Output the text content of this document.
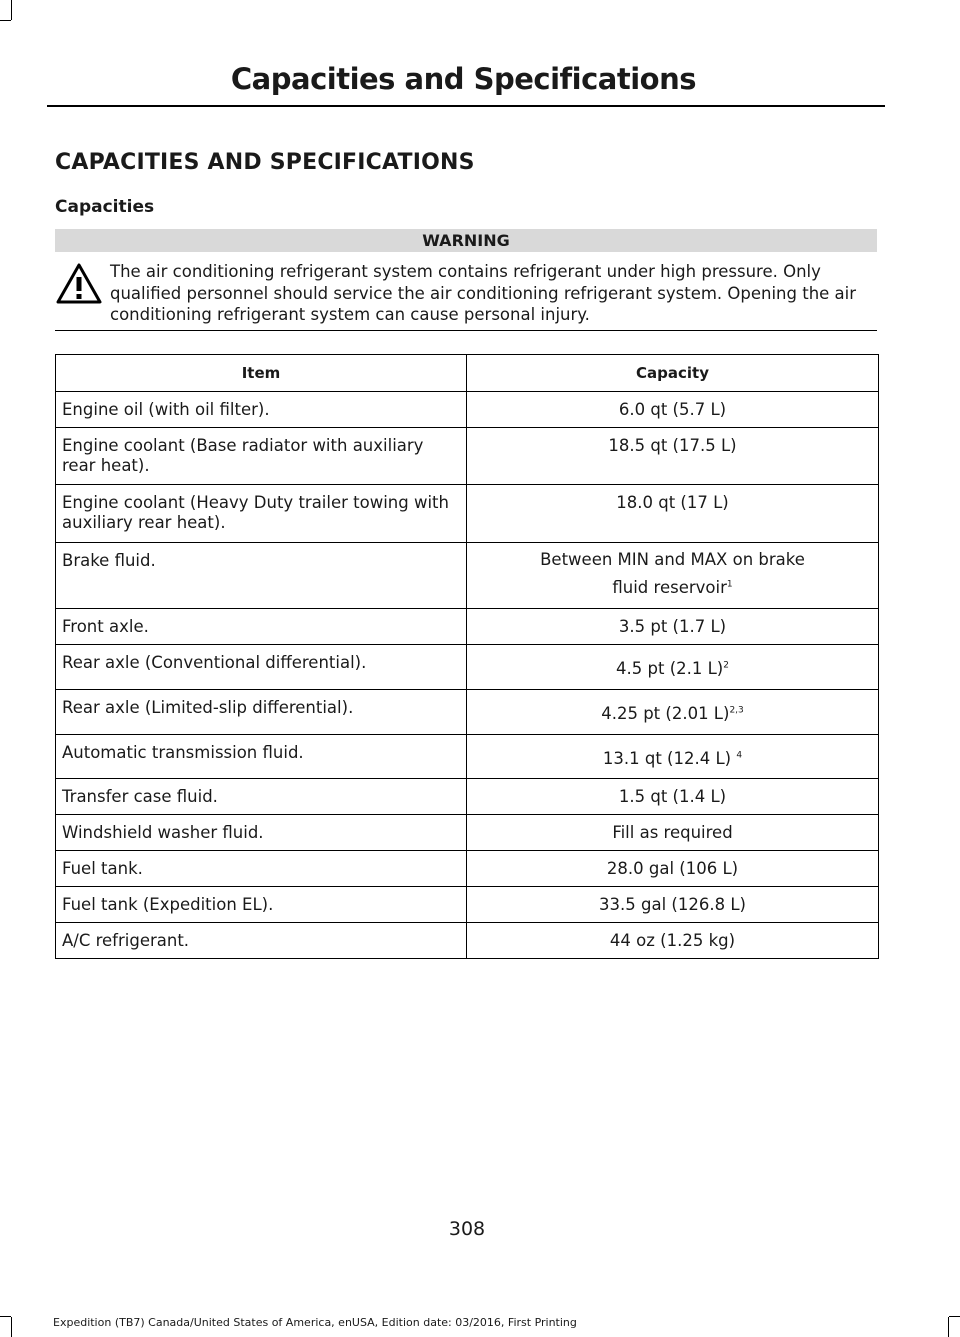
Capacities and Specifications
CAPACITIES AND SPECIFICATIONS
Capacities
WARNING
The air conditioning refrigerant system contains refrigerant under high pressure. Only qualified personnel should service the air conditioning refrigerant system. Opening the air conditioning refrigerant system can cause personal injury.
Item	Capacity
Engine oil (with oil filter).	6.0 qt (5.7 L)
Engine coolant (Base radiator with auxiliary rear heat).	18.5 qt (17.5 L)
Engine coolant (Heavy Duty trailer towing with auxiliary rear heat).	18.0 qt (17 L)
Brake fluid.	Between MIN and MAX on brake fluid reservoir$^1$
Front axle.	3.5 pt (1.7 L)
Rear axle (Conventional differential).	4.5 pt (2.1 L)$^2$
Rear axle (Limited-slip differential).	4.25 pt (2.01 L)$^{2,3}$
Automatic transmission fluid.	13.1 qt (12.4 L) $^4$
Transfer case fluid.	1.5 qt (1.4 L)
Windshield washer fluid.	Fill as required
Fuel tank.	28.0 gal (106 L)
Fuel tank (Expedition EL).	33.5 gal (126.8 L)
A/C refrigerant.	44 oz (1.25 kg)
308
Expedition (TB7) Canada/United States of America, enUSA, Edition date: 03/2016, First Printing
